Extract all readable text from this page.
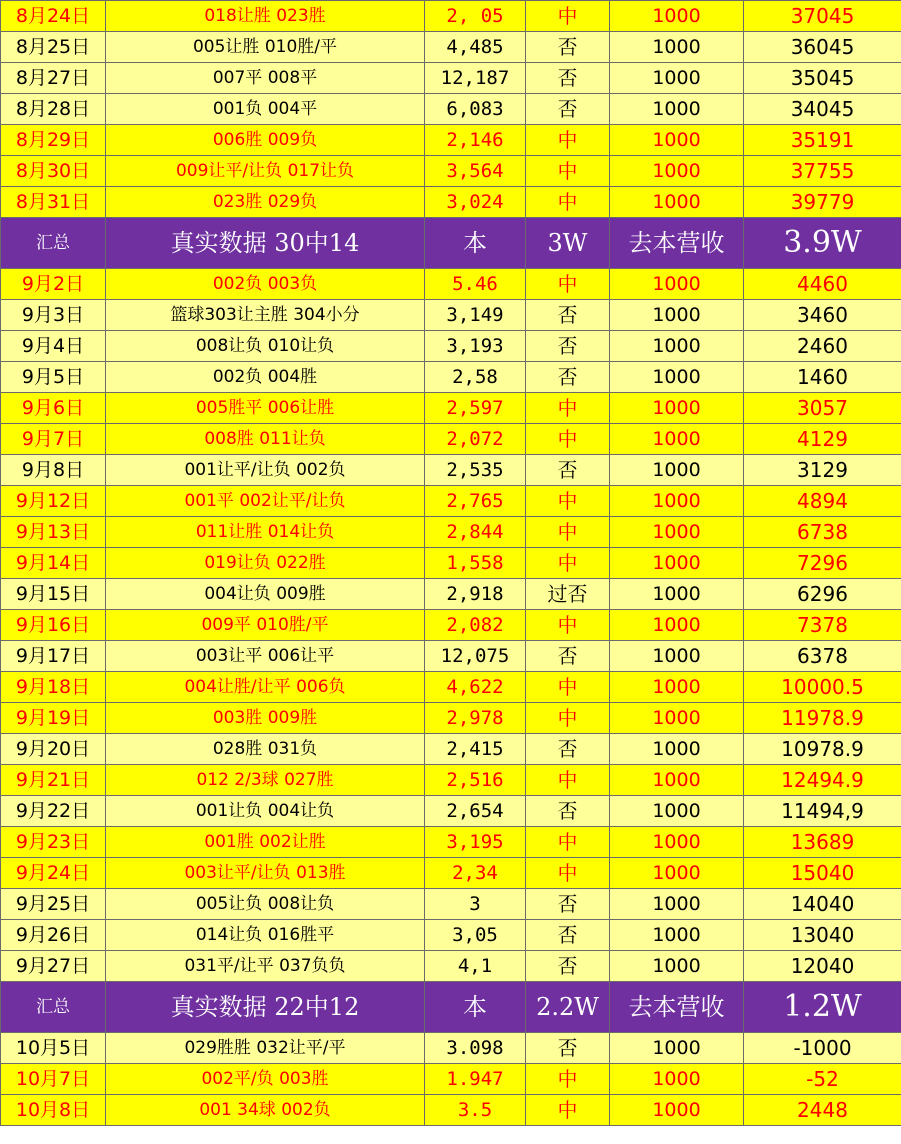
8月24日	018让胜 023胜	2, 05	中	1000	37045
8月25日	005让胜 010胜/平	4,485	否	1000	36045
8月27日	007平 008平	12,187	否	1000	35045
8月28日	001负 004平	6,083	否	1000	34045
8月29日	006胜 009负	2,146	中	1000	35191
8月30日	009让平/让负 017让负	3,564	中	1000	37755
8月31日	023胜 029负	3,024	中	1000	39779
汇总	真实数据 30中14	本	3W	去本营收	3.9W
9月2日	002负 003负	5.46	中	1000	4460
9月3日	篮球303让主胜 304小分	3,149	否	1000	3460
9月4日	008让负 010让负	3,193	否	1000	2460
9月5日	002负 004胜	2,58	否	1000	1460
9月6日	005胜平 006让胜	2,597	中	1000	3057
9月7日	008胜 011让负	2,072	中	1000	4129
9月8日	001让平/让负 002负	2,535	否	1000	3129
9月12日	001平 002让平/让负	2,765	中	1000	4894
9月13日	011让胜 014让负	2,844	中	1000	6738
9月14日	019让负 022胜	1,558	中	1000	7296
9月15日	004让负 009胜	2,918	过否	1000	6296
9月16日	009平 010胜/平	2,082	中	1000	7378
9月17日	003让平 006让平	12,075	否	1000	6378
9月18日	004让胜/让平 006负	4,622	中	1000	10000.5
9月19日	003胜 009胜	2,978	中	1000	11978.9
9月20日	028胜 031负	2,415	否	1000	10978.9
9月21日	012 2/3球 027胜	2,516	中	1000	12494.9
9月22日	001让负 004让负	2,654	否	1000	11494,9
9月23日	001胜 002让胜	3,195	中	1000	13689
9月24日	003让平/让负 013胜	2,34	中	1000	15040
9月25日	005让负 008让负	3	否	1000	14040
9月26日	014让负 016胜平	3,05	否	1000	13040
9月27日	031平/让平 037负负	4,1	否	1000	12040
汇总	真实数据 22中12	本	2.2W	去本营收	1.2W
10月5日	029胜胜 032让平/平	3.098	否	1000	-1000
10月7日	002平/负 003胜	1.947	中	1000	-52
10月8日	001 34球 002负	3.5	中	1000	2448
